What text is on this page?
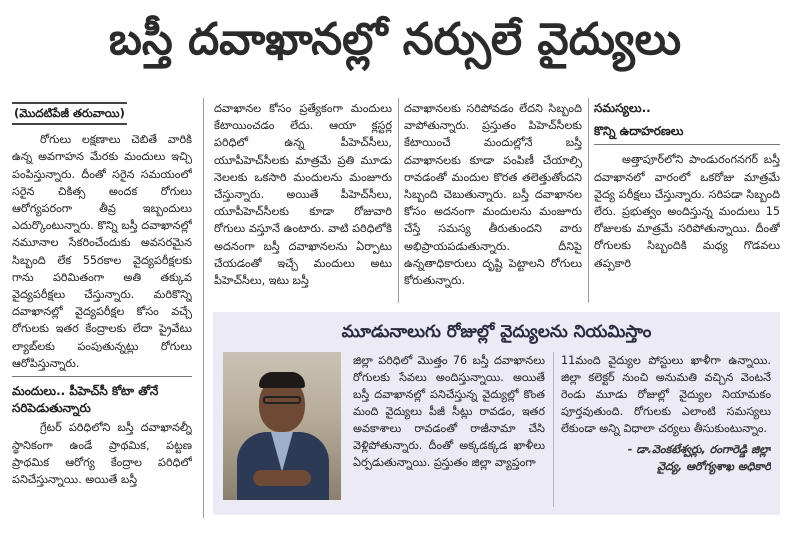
బస్తీ దవాఖానల్లో నర్సులే వైద్యులు
(మొదటిపేజీ తరువాయి)

రోగులు లక్షణాలు చెబితే వారికి ఉన్న అవగాహన మేరకు మందులు ఇచ్చి పంపిస్తున్నారు. దీంతో సరైన సమయంలో సరైన చికిత్స అందక రోగులు ఆరోగ్యపరంగా తీవ్ర ఇబ్బందులు ఎదుర్కొంటున్నారు. కొన్ని బస్తీ దవాఖానల్లో నమూనాల సేకరించేందుకు అవసరమైన సిబ్బంది లేక 55రకాల వైద్యపరీక్షలకు గాను పరిమితంగా అతి తక్కువ వైద్యపరీక్షలు చేస్తున్నారు. మరికొన్ని దవాఖానల్లో వైద్యపరీక్షల కోసం వచ్చే రోగులకు ఇతర కేంద్రాలకు లేదా ప్రైవేటు ల్యాబ్‌లకు పంపుతున్నట్లు రోగులు ఆరోపిస్తున్నారు.

మందులు.. పీహెచ్‌సీ కోటా తోనే సరిపెడుతున్నారు

గ్రేటర్ పరిధిలోని బస్తీ దవాఖానల్నీ స్థానికంగా ఉండే ప్రాథమిక, పట్టణ ప్రాథమిక ఆరోగ్య కేంద్రాల పరిధిలో పనిచేస్తున్నాయి. అయితే బస్తీ

దవాఖానల కోసం ప్రత్యేకంగా మందులు కేటాయించడం లేదు. ఆయా క్లస్టర్ల పరిధిలో ఉన్న పీహెచ్‌సీలు, యూపీహెచ్‌సీలకు మాత్రమే ప్రతి మూడు నెలలకు ఒకసారి మందులను మంజూరు చేస్తున్నారు. అయితే పీహెచ్‌సీలు, యూపీహెచ్‌సీలకు కూడా రోజువారి రోగులు వస్తూనే ఉంటారు. వాటి పరిధిలోకి అదనంగా బస్తీ దవాఖానలను ఏర్పాటు చేయడంతో ఇచ్చే మందులు అటు పీహెచ్‌సీలు, ఇటు బస్తీ

దవాఖానలకు సరిపోవడం లేదని సిబ్బంది వాపోతున్నారు. ప్రస్తుతం పిహెచ్‌సీలకు కేటాయించే మందుల్లోనే బస్తీ దవాఖానలకు కూడా పంపిణీ చేయాల్సి రావడంతో మందుల కొరత తలెత్తుతోందని సిబ్బంది చెబుతున్నారు. బస్తీ దవాఖానల కోసం అదనంగా మందులను మంజూరు చేస్తే సమస్య తీరుతుందని వారు అభిప్రాయపడుతున్నారు. దీనిపై ఉన్నతాధికారులు దృష్టి పెట్టాలని రోగులు కోరుతున్నారు.

సమస్యలు..
కొన్ని ఉదాహరణలు

అత్తాపూర్‌లోని పాండురంగనగర్ బస్తీ దవాఖానలో వారంలో ఒకరోజు మాత్రమే వైద్య పరీక్షలు చేస్తున్నారు. సరిపడా సిబ్బంది లేరు. ప్రభుత్వం అందిస్తున్న మందులు 15 రోజులకు మాత్రమే సరిపోతున్నాయి. దీంతో రోగులకు సిబ్బందికి మధ్య గొడవలు తప్పకారి

మూడునాలుగు రోజుల్లో వైద్యులను నియమిస్తాం

జిల్లా పరిధిలో మొత్తం 76 బస్తీ దవాఖానలు రోగులకు సేవలు అందిస్తున్నాయి. అయితే బస్తీ దవాఖానల్లో పనిచేస్తున్న వైద్యుల్లో కొంత మంది వైద్యులు పీజీ సీట్లు రావడం, ఇతర అవకాశాలు రావడంతో రాజీనామా చేసి వెళ్లిపోతున్నారు. దీంతో అక్కడక్కడ ఖాళీలు ఏర్పడుతున్నాయి. ప్రస్తుతం జిల్లా వ్యాప్తంగా

11మంది వైద్యుల పోస్టులు ఖాళీగా ఉన్నాయి. జిల్లా కలెక్టర్ నుంచి అనుమతి వచ్చిన వెంటనే రెండు మూడు రోజుల్లో వైద్యుల నియామకం పూర్తవుతుంది. రోగులకు ఎలాంటి సమస్యలు లేకుండా అన్ని విధాలా చర్యలు తీసుకుంటున్నాం.

- డా.వెంకటేశ్వర్లు, రంగారెడ్డి జిల్లా
వైద్య, ఆరోగ్యశాఖ అధికారి
